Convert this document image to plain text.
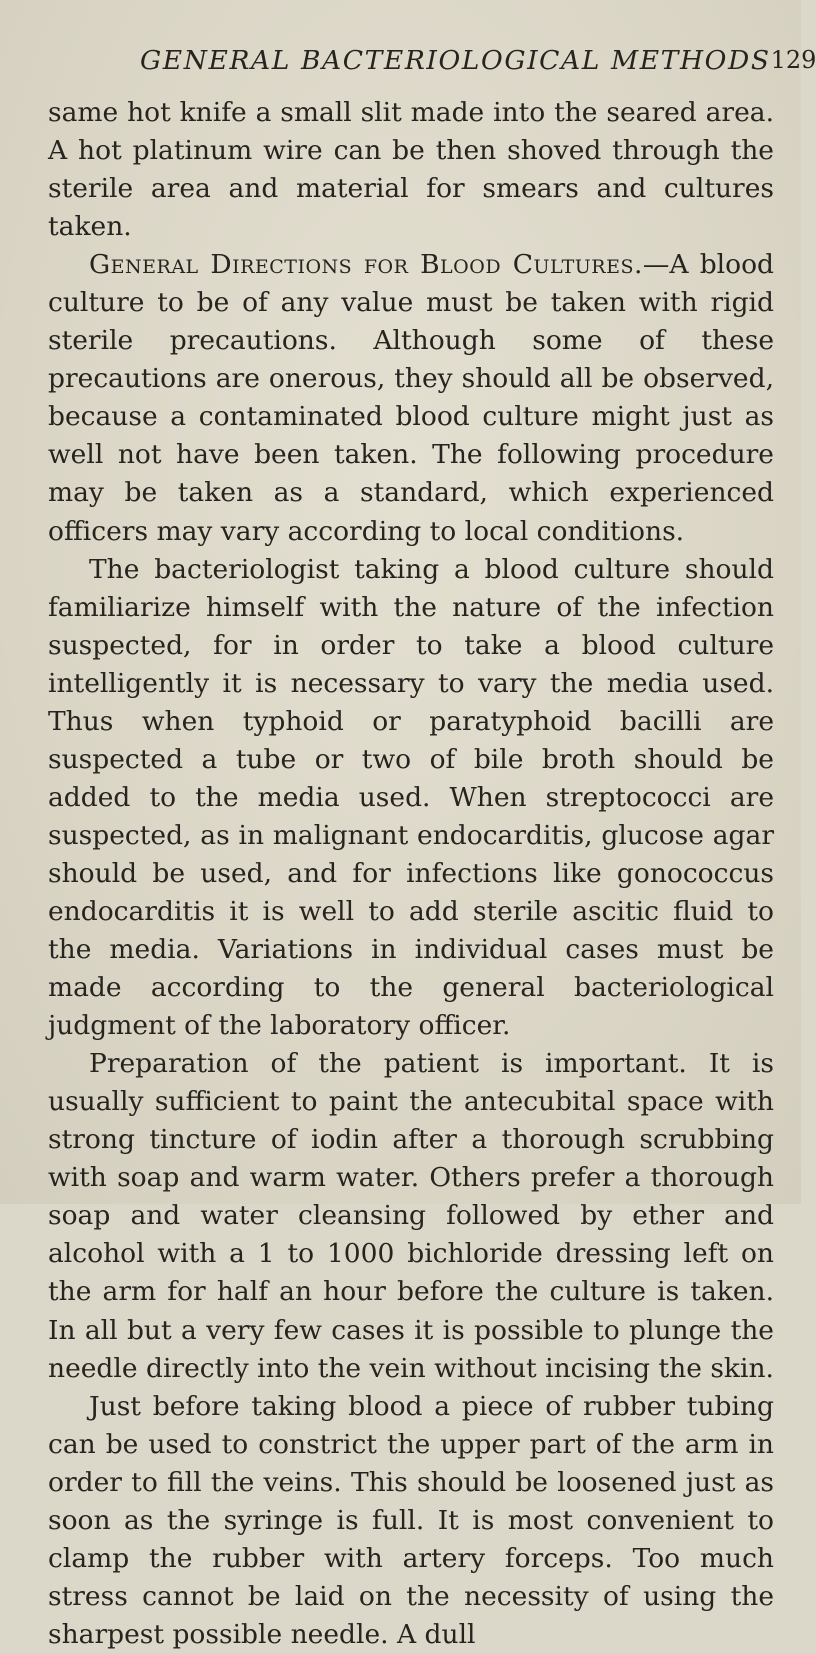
GENERAL BACTERIOLOGICAL METHODS 129

same hot knife a small slit made into the seared area. A hot platinum wire can be then shoved through the sterile area and material for smears and cultures taken.

General Directions for Blood Cultures.—A blood culture to be of any value must be taken with rigid sterile precautions. Although some of these precautions are onerous, they should all be observed, because a contaminated blood culture might just as well not have been taken. The following procedure may be taken as a standard, which experienced officers may vary according to local conditions.

The bacteriologist taking a blood culture should familiarize himself with the nature of the infection suspected, for in order to take a blood culture intelligently it is necessary to vary the media used. Thus when typhoid or paratyphoid bacilli are suspected a tube or two of bile broth should be added to the media used. When streptococci are suspected, as in malignant endocarditis, glucose agar should be used, and for infections like gonococcus endocarditis it is well to add sterile ascitic fluid to the media. Variations in individual cases must be made according to the general bacteriological judgment of the laboratory officer.

Preparation of the patient is important. It is usually sufficient to paint the antecubital space with strong tincture of iodin after a thorough scrubbing with soap and warm water. Others prefer a thorough soap and water cleansing followed by ether and alcohol with a 1 to 1000 bichloride dressing left on the arm for half an hour before the culture is taken. In all but a very few cases it is possible to plunge the needle directly into the vein without incising the skin.

Just before taking blood a piece of rubber tubing can be used to constrict the upper part of the arm in order to fill the veins. This should be loosened just as soon as the syringe is full. It is most convenient to clamp the rubber with artery forceps. Too much stress cannot be laid on the necessity of using the sharpest possible needle. A dull
